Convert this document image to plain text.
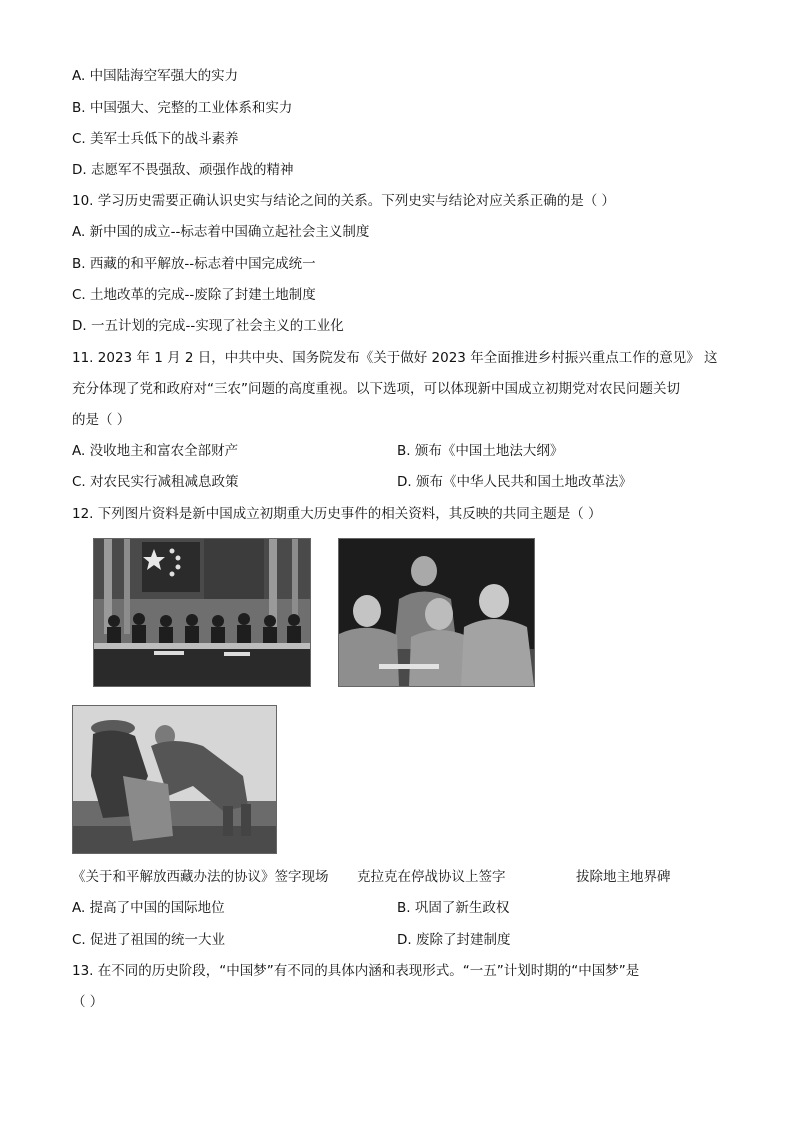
A. 中国陆海空军强大的实力
B. 中国强大、完整的工业体系和实力
C. 美军士兵低下的战斗素养
D. 志愿军不畏强敌、顽强作战的精神
10. 学习历史需要正确认识史实与结论之间的关系。下列史实与结论对应关系正确的是（ ）
A. 新中国的成立--标志着中国确立起社会主义制度
B. 西藏的和平解放--标志着中国完成统一
C. 土地改革的完成--废除了封建土地制度
D. 一五计划的完成--实现了社会主义的工业化
11. 2023 年 1 月 2 日，中共中央、国务院发布《关于做好 2023 年全面推进乡村振兴重点工作的意见》 这
充分体现了党和政府对“三农”问题的高度重视。以下选项，可以体现新中国成立初期党对农民问题关切
的是（ ）
A. 没收地主和富农全部财产	B. 颁布《中国土地法大纲》
C. 对农民实行减租减息政策	D. 颁布《中华人民共和国土地改革法》
12. 下列图片资料是新中国成立初期重大历史事件的相关资料，其反映的共同主题是（ ）
《关于和平解放西藏办法的协议》签字现场 克拉克在停战协议上签字	拔除地主地界碑
A. 提高了中国的国际地位	B. 巩固了新生政权
C. 促进了祖国的统一大业	D. 废除了封建制度
13. 在不同的历史阶段，“中国梦”有不同的具体内涵和表现形式。“一五”计划时期的“中国梦”是
（ ）
